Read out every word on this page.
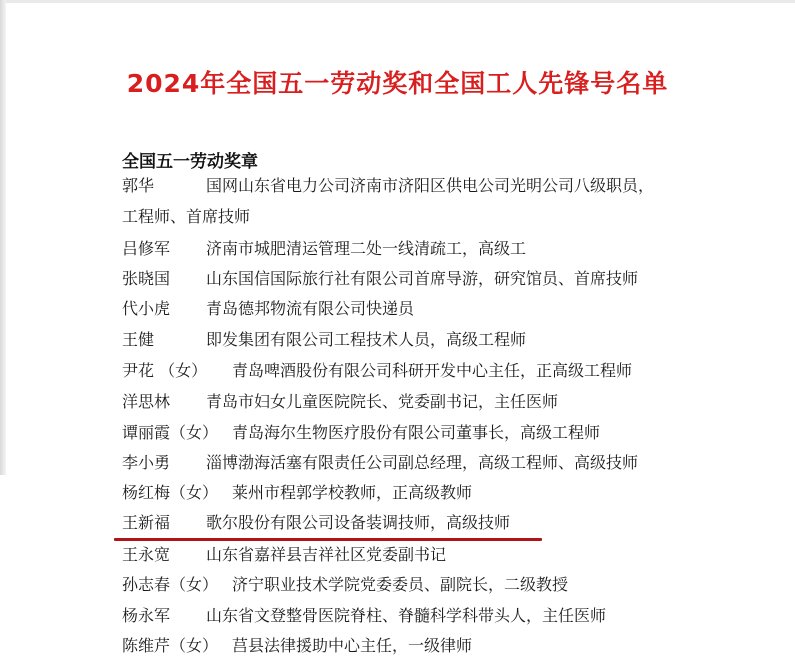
2024年全国五一劳动奖和全国工人先锋号名单
全国五一劳动奖章
郭华	国网山东省电力公司济南市济阳区供电公司光明公司八级职员，
工程师、首席技师
吕修军 济南市城肥清运管理二处一线清疏工，高级工
张晓国 山东国信国际旅行社有限公司首席导游，研究馆员、首席技师
代小虎 青岛德邦物流有限公司快递员
王健	即发集团有限公司工程技术人员，高级工程师
尹花 （女） 青岛啤酒股份有限公司科研开发中心主任，正高级工程师
洋思林 青岛市妇女儿童医院院长、党委副书记，主任医师
谭丽霞（女） 青岛海尔生物医疗股份有限公司董事长，高级工程师
李小勇 淄博渤海活塞有限责任公司副总经理，高级工程师、高级技师
杨红梅（女） 莱州市程郭学校教师，正高级教师
王新福 歌尔股份有限公司设备装调技师，高级技师
王永宽 山东省嘉祥县吉祥社区党委副书记
孙志春（女） 济宁职业技术学院党委委员、副院长，二级教授
杨永军 山东省文登整骨医院脊柱、脊髓科学科带头人，主任医师
陈维芹（女） 莒县法律援助中心主任，一级律师
